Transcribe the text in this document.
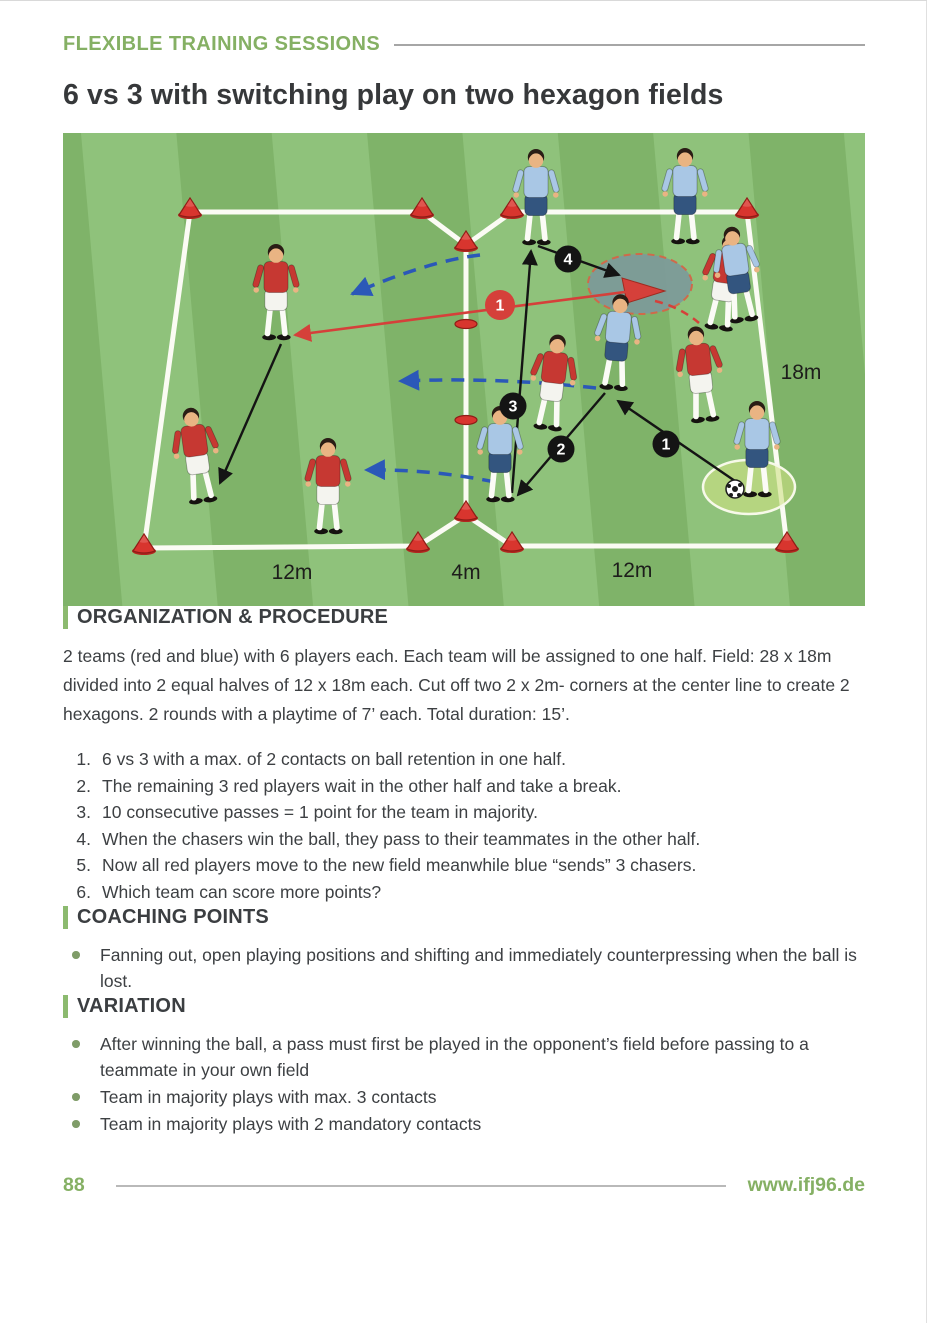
FLEXIBLE TRAINING SESSIONS
6 vs 3 with switching play on two hexagon fields
1
2
3
4
1
18m
12m	4m	12m
ORGANIZATION & PROCEDURE

2 teams (red and blue) with 6 players each. Each team will be assigned to one half. Field: 28 x 18m divided into 2 equal halves of 12 x 18m each. Cut off two 2 x 2m- corners at the center line to create 2 hexagons. 2 rounds with a playtime of 7’ each. Total duration: 15’.

1. 6 vs 3 with a max. of 2 contacts on ball retention in one half.
2. The remaining 3 red players wait in the other half and take a break.
3. 10 consecutive passes = 1 point for the team in majority.
4. When the chasers win the ball, they pass to their teammates in the other half.
5. Now all red players move to the new field meanwhile blue “sends” 3 chasers.
6. Which team can score more points?
COACHING POINTS
Fanning out, open playing positions and shifting and immediately counterpressing when the ball is lost.
VARIATION
After winning the ball, a pass must first be played in the opponent’s field before passing to a teammate in your own field
Team in majority plays with max. 3 contacts
Team in majority plays with 2 mandatory contacts
88	www.ifj96.de
